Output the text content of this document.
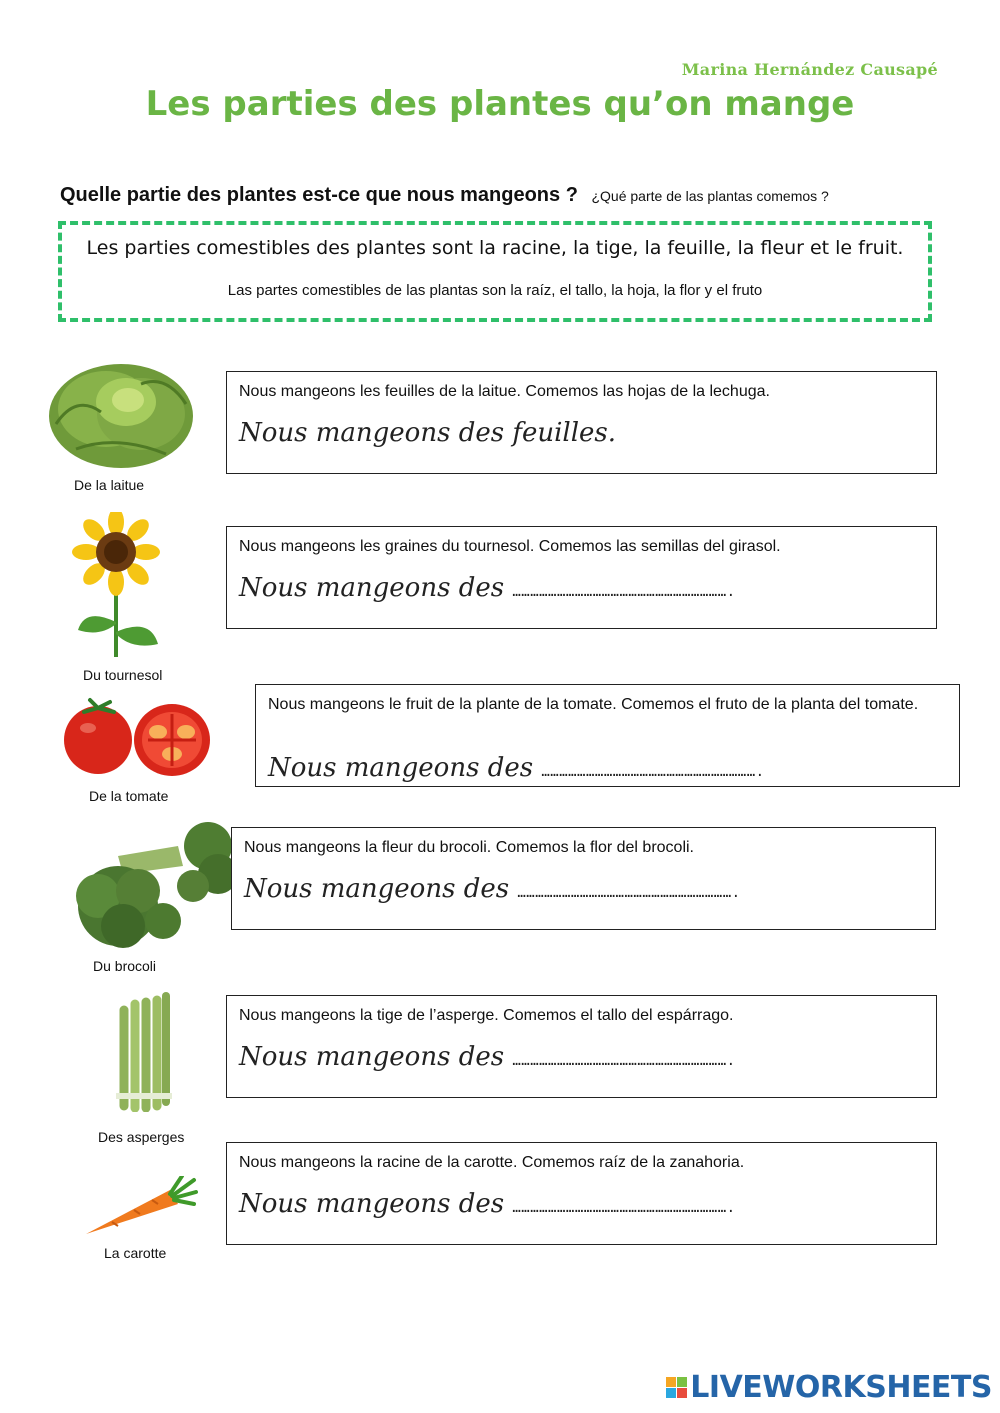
Marina Hernández Causapé
Les parties des plantes qu’on mange
Quelle partie des plantes est-ce que nous mangeons ? ¿Qué parte de las plantas comemos ?
Les parties comestibles des plantes sont la racine, la tige, la feuille, la fleur et le fruit.
Las partes comestibles de las plantas son la raíz, el tallo, la hoja, la flor y el fruto
De la laitue
Nous mangeons les feuilles de la laitue. Comemos las hojas de la lechuga.
Nous mangeons des feuilles.
Du tournesol
Nous mangeons les graines du tournesol. Comemos las semillas del girasol.
Nous mangeons des ……………………………………………………………….
De la tomate
Nous mangeons le fruit de la plante de la tomate. Comemos el fruto de la planta del tomate.
Nous mangeons des ……………………………………………………………….
Du brocoli
Nous mangeons la fleur du brocoli. Comemos la flor del brocoli.
Nous mangeons des ……………………………………………………………….
Des asperges
Nous mangeons la tige de l’asperge. Comemos el tallo del espárrago.
Nous mangeons des ……………………………………………………………….
La carotte
Nous mangeons la racine de la carotte. Comemos raíz de la zanahoria.
Nous mangeons des ……………………………………………………………….
LIVEWORKSHEETS
